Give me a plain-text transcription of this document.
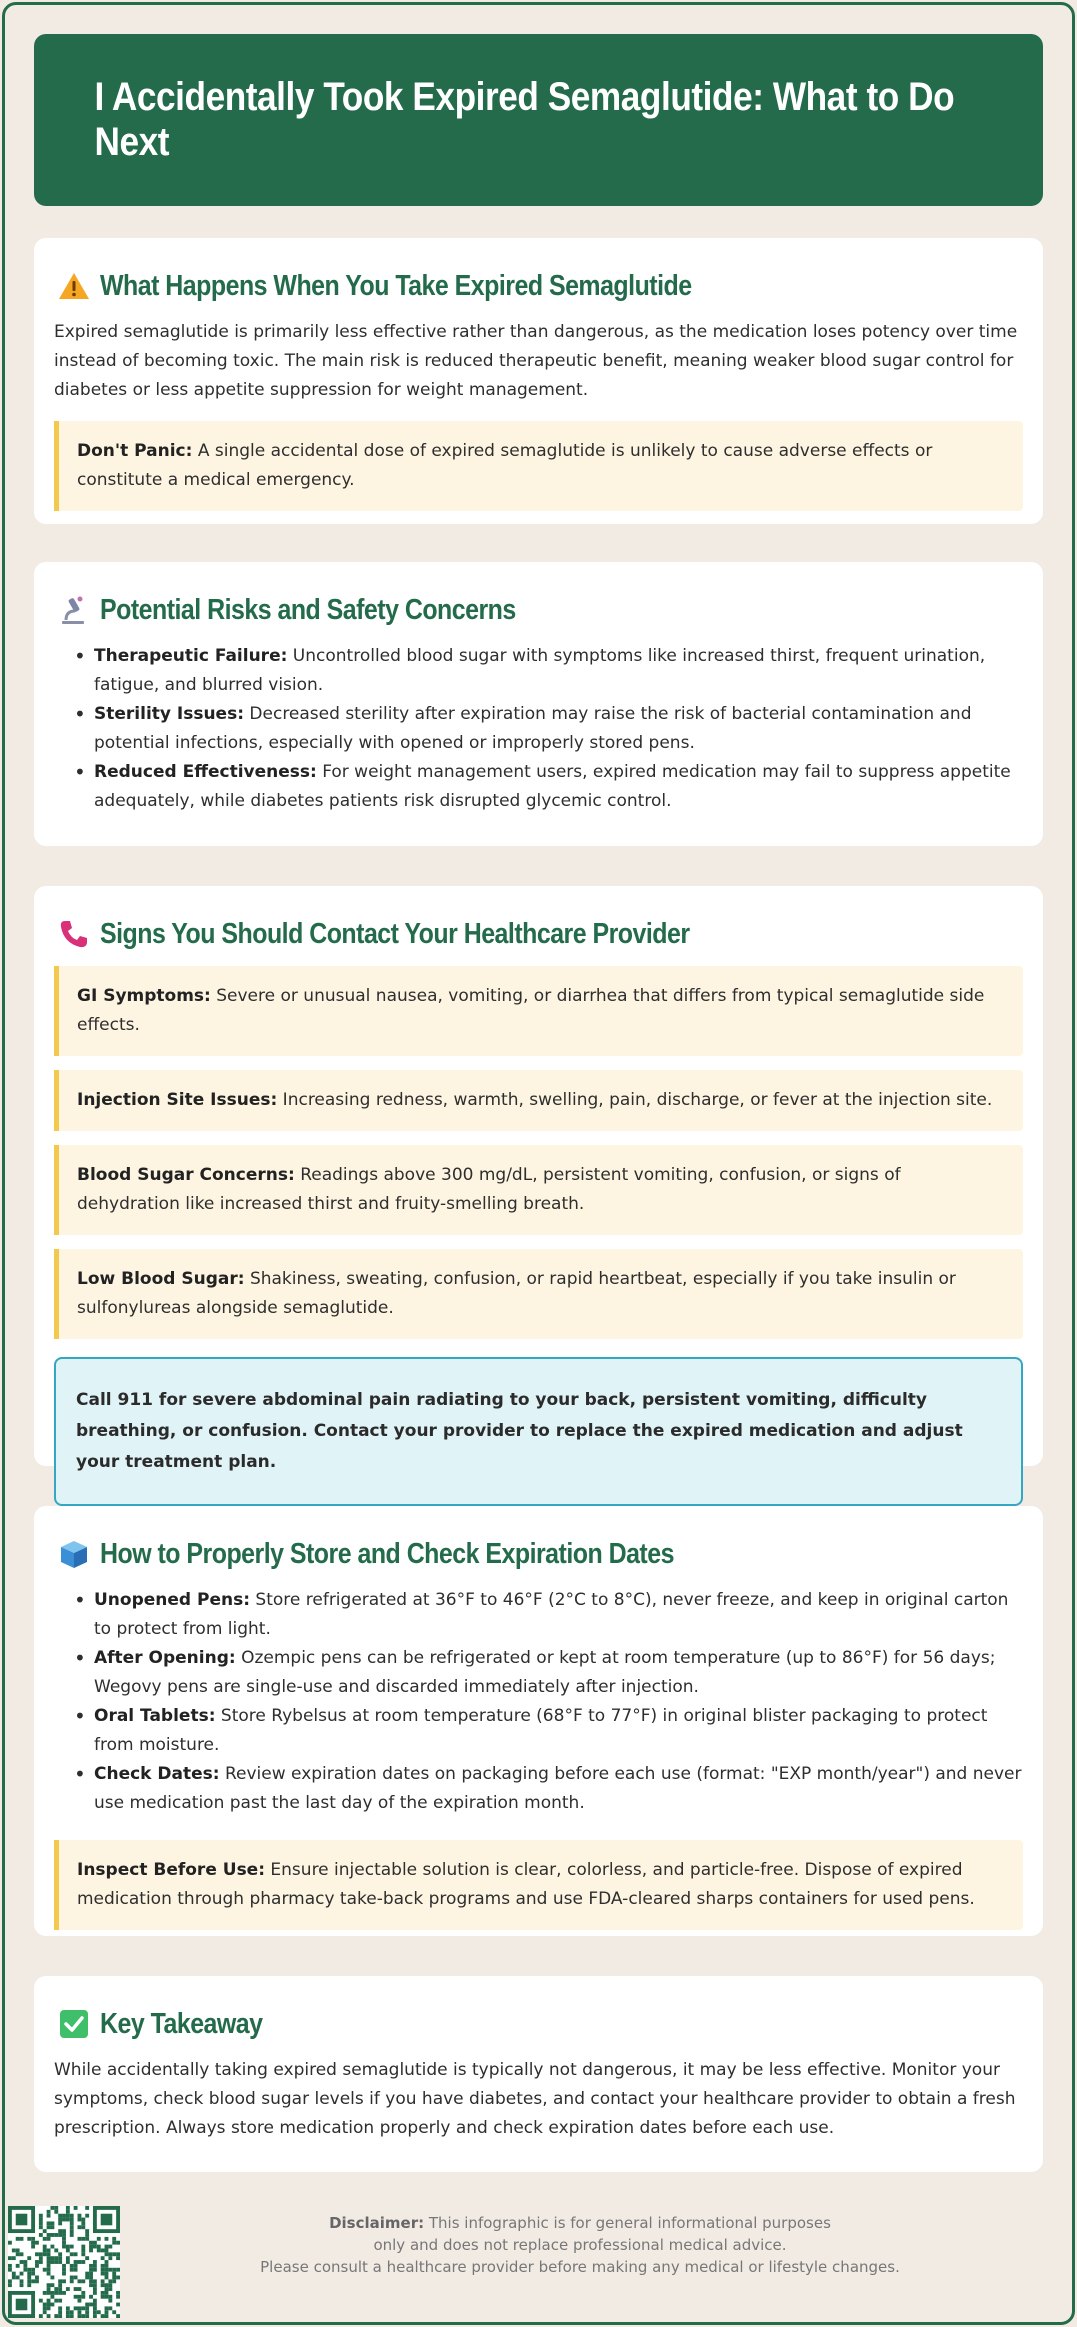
I Accidentally Took Expired Semaglutide: What to Do Next
What Happens When You Take Expired Semaglutide

Expired semaglutide is primarily less effective rather than dangerous, as the medication loses potency over time instead of becoming toxic. The main risk is reduced therapeutic benefit, meaning weaker blood sugar control for diabetes or less appetite suppression for weight management.

Don't Panic: A single accidental dose of expired semaglutide is unlikely to cause adverse effects or constitute a medical emergency.
Potential Risks and Safety Concerns
• Therapeutic Failure: Uncontrolled blood sugar with symptoms like increased thirst, frequent urination, fatigue, and blurred vision.
• Sterility Issues: Decreased sterility after expiration may raise the risk of bacterial contamination and potential infections, especially with opened or improperly stored pens.
• Reduced Effectiveness: For weight management users, expired medication may fail to suppress appetite adequately, while diabetes patients risk disrupted glycemic control.
Signs You Should Contact Your Healthcare Provider
GI Symptoms: Severe or unusual nausea, vomiting, or diarrhea that differs from typical semaglutide side effects.
Injection Site Issues: Increasing redness, warmth, swelling, pain, discharge, or fever at the injection site.
Blood Sugar Concerns: Readings above 300 mg/dL, persistent vomiting, confusion, or signs of dehydration like increased thirst and fruity-smelling breath.
Low Blood Sugar: Shakiness, sweating, confusion, or rapid heartbeat, especially if you take insulin or sulfonylureas alongside semaglutide.
Call 911 for severe abdominal pain radiating to your back, persistent vomiting, difficulty breathing, or confusion. Contact your provider to replace the expired medication and adjust your treatment plan.
How to Properly Store and Check Expiration Dates
• Unopened Pens: Store refrigerated at 36°F to 46°F (2°C to 8°C), never freeze, and keep in original carton to protect from light.
• After Opening: Ozempic pens can be refrigerated or kept at room temperature (up to 86°F) for 56 days; Wegovy pens are single-use and discarded immediately after injection.
• Oral Tablets: Store Rybelsus at room temperature (68°F to 77°F) in original blister packaging to protect from moisture.
• Check Dates: Review expiration dates on packaging before each use (format: "EXP month/year") and never use medication past the last day of the expiration month.
Inspect Before Use: Ensure injectable solution is clear, colorless, and particle-free. Dispose of expired medication through pharmacy take-back programs and use FDA-cleared sharps containers for used pens.
Key Takeaway

While accidentally taking expired semaglutide is typically not dangerous, it may be less effective. Monitor your symptoms, check blood sugar levels if you have diabetes, and contact your healthcare provider to obtain a fresh prescription. Always store medication properly and check expiration dates before each use.

Disclaimer: This infographic is for general informational purposes
only and does not replace professional medical advice.
Please consult a healthcare provider before making any medical or lifestyle changes.
